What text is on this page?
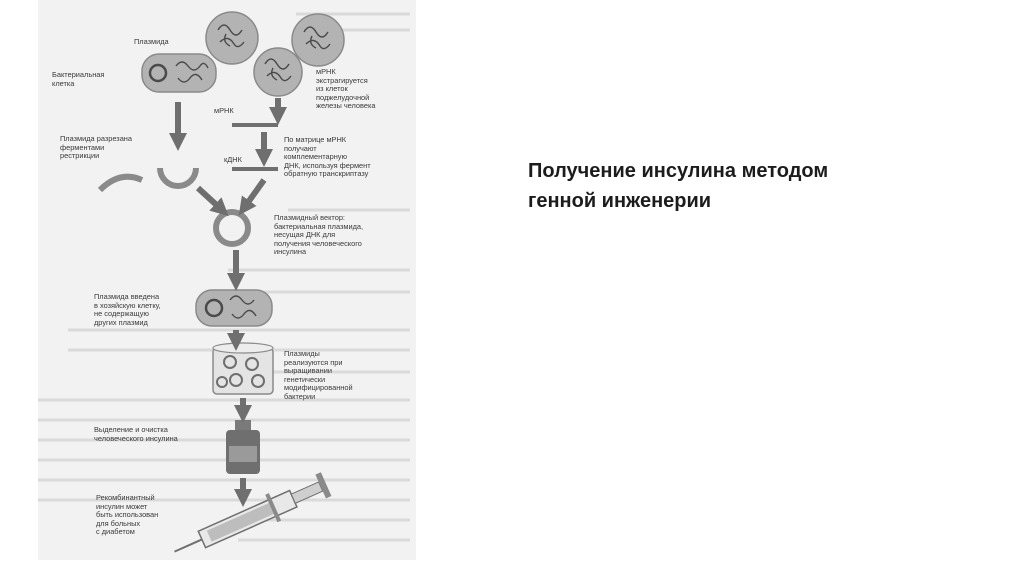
Плазмида
Бактериальная
клетка
мРНК
экстрагируется
из клеток
поджелудочной
железы человека
мРНК
Плазмида разрезана
ферментами
рестрикции
По матрице мРНК
получают
комплементарную
ДНК, используя фермент
обратную транскриптазу
кДНК
Плазмидный вектор:
бактериальная плазмида,
несущая ДНК для
получения человеческого
инсулина
Плазмида введена
в хозяйскую клетку,
не содержащую
других плазмид
Плазмиды
реализуются при
выращивании
генетически
модифицированной
бактерии
Выделение и очистка
человеческого инсулина
Рекомбинантный
инсулин может
быть использован
для больных
с диабетом
Получение инсулина методом
генной инженерии
